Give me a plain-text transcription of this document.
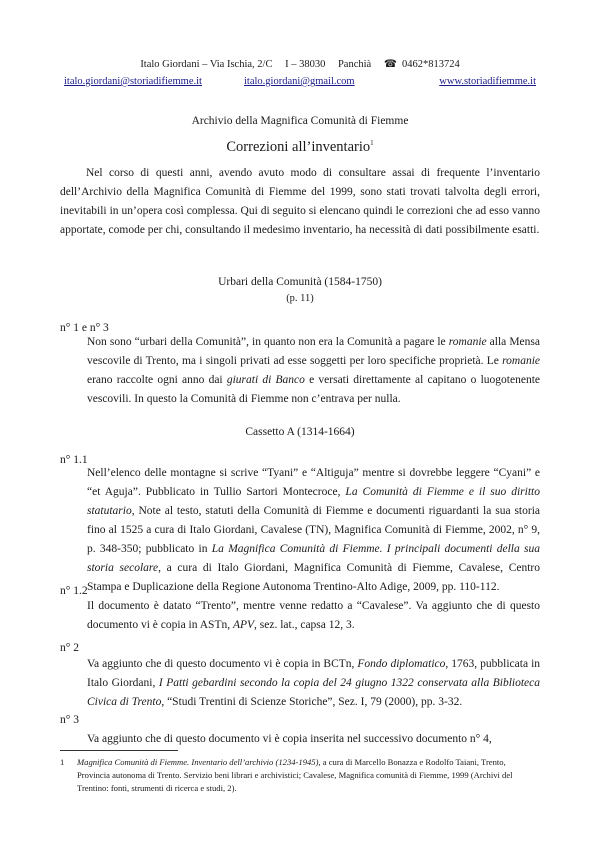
Italo Giordani – Via Ischia, 2/C I – 38030 Panchià ☎ 0462*813724
italo.giordani@storiadifiemme.it	italo.giordani@gmail.com	www.storiadifiemme.it
Archivio della Magnifica Comunità di Fiemme
Correzioni all’inventario$^1$
Nel corso di questi anni, avendo avuto modo di consultare assai di frequente l’inventario dell’Archivio della Magnifica Comunità di Fiemme del 1999, sono stati trovati talvolta degli errori, inevitabili in un’opera così complessa. Qui di seguito si elencano quindi le correzioni che ad esso vanno apportate, comode per chi, consultando il medesimo inventario, ha necessità di dati possibilmente esatti.
Urbari della Comunità (1584-1750)
(p. 11)
n° 1 e n° 3
Non sono “urbari della Comunità”, in quanto non era la Comunità a pagare le romanie alla Mensa vescovile di Trento, ma i singoli privati ad esse soggetti per loro specifiche proprietà. Le romanie erano raccolte ogni anno dai giurati di Banco e versati direttamente al capitano o luogotenente vescovili. In questo la Comunità di Fiemme non c’entrava per nulla.
Cassetto A (1314-1664)
n° 1.1
Nell’elenco delle montagne si scrive “Tyani” e “Altiguja” mentre si dovrebbe leggere “Cyani” e “et Aguja”. Pubblicato in Tullio Sartori Montecroce, La Comunità di Fiemme e il suo diritto statutario, Note al testo, statuti della Comunità di Fiemme e documenti riguardanti la sua storia fino al 1525 a cura di Italo Giordani, Cavalese (TN), Magnifica Comunità di Fiemme, 2002, n° 9, p. 348-350; pubblicato in La Magnifica Comunità di Fiemme. I principali documenti della sua storia secolare, a cura di Italo Giordani, Magnifica Comunità di Fiemme, Cavalese, Centro Stampa e Duplicazione della Regione Autonoma Trentino-Alto Adige, 2009, pp. 110-112.
n° 1.2
Il documento è datato “Trento”, mentre venne redatto a “Cavalese”. Va aggiunto che di questo documento vi è copia in ASTn, APV, sez. lat., capsa 12, 3.
n° 2
Va aggiunto che di questo documento vi è copia in BCTn, Fondo diplomatico, 1763, pubblicata in Italo Giordani, I Patti gebardini secondo la copia del 24 giugno 1322 conservata alla Biblioteca Civica di Trento, “Studi Trentini di Scienze Storiche”, Sez. I, 79 (2000), pp. 3-32.
n° 3
Va aggiunto che di questo documento vi è copia inserita nel successivo documento n° 4,
1 Magnifica Comunità di Fiemme. Inventario dell’archivio (1234-1945), a cura di Marcello Bonazza e Rodolfo Taiani, Trento, Provincia autonoma di Trento. Servizio beni librari e archivistici; Cavalese, Magnifica comunità di Fiemme, 1999 (Archivi del Trentino: fonti, strumenti di ricerca e studi, 2).
